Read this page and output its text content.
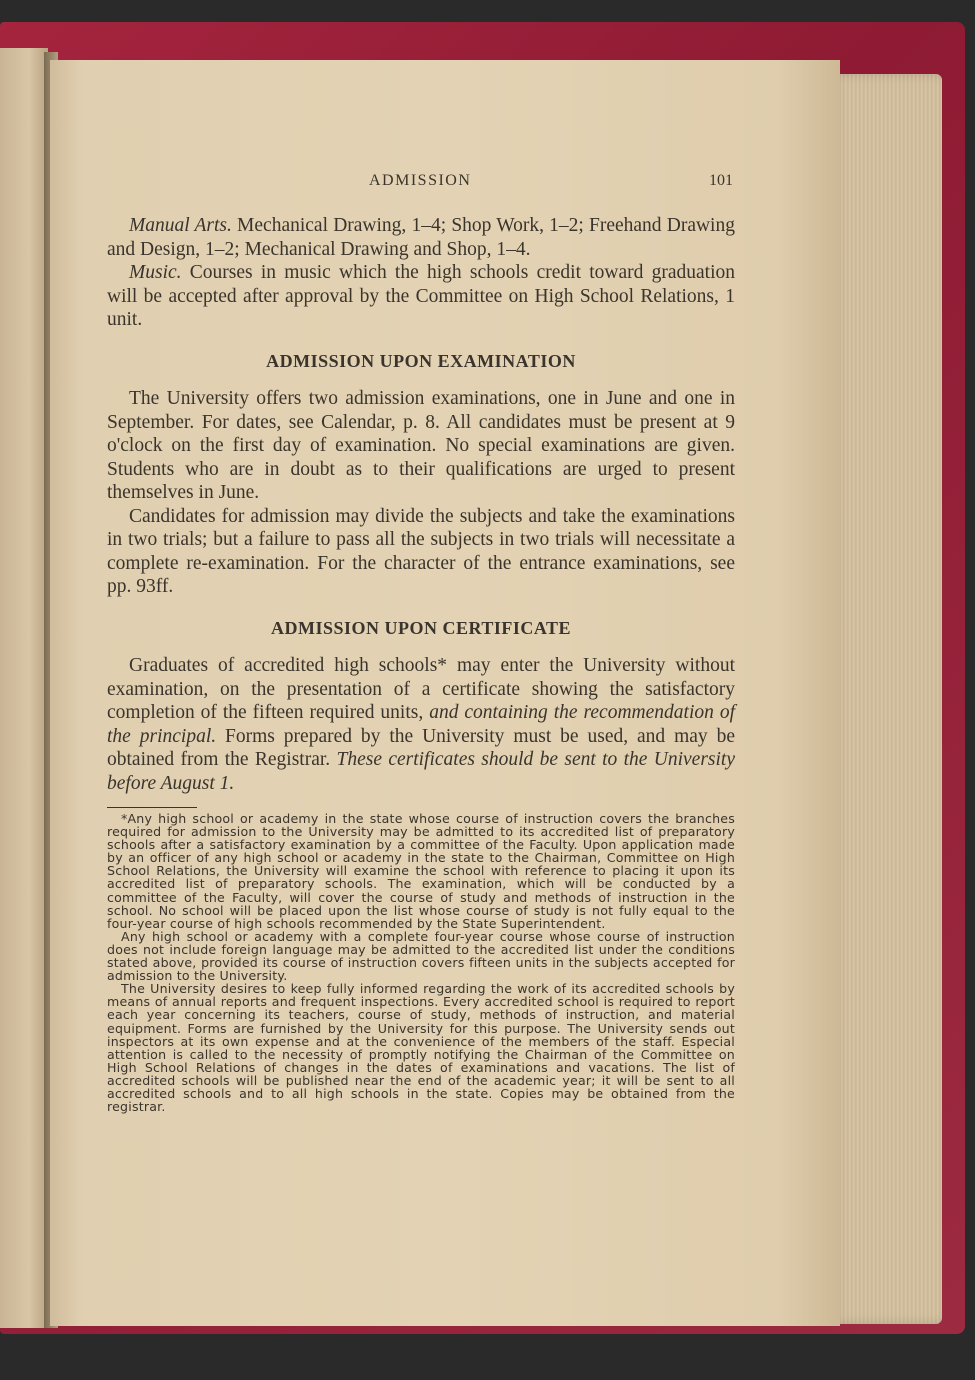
ADMISSION	101

Manual Arts. Mechanical Drawing, 1–4; Shop Work, 1–2; Freehand Drawing and Design, 1–2; Mechanical Drawing and Shop, 1–4.

Music. Courses in music which the high schools credit toward graduation will be accepted after approval by the Committee on High School Relations, 1 unit.

ADMISSION UPON EXAMINATION

The University offers two admission examinations, one in June and one in September. For dates, see Calendar, p. 8. All candidates must be present at 9 o'clock on the first day of examination. No special examinations are given. Students who are in doubt as to their qualifications are urged to present themselves in June.

Candidates for admission may divide the subjects and take the examinations in two trials; but a failure to pass all the subjects in two trials will necessitate a complete re-examination. For the character of the entrance examinations, see pp. 93ff.

ADMISSION UPON CERTIFICATE

Graduates of accredited high schools* may enter the University without examination, on the presentation of a certificate showing the satisfactory completion of the fifteen required units, and containing the recommendation of the principal. Forms prepared by the University must be used, and may be obtained from the Registrar. These certificates should be sent to the University before August 1.

*Any high school or academy in the state whose course of instruction covers the branches required for admission to the University may be admitted to its accredited list of preparatory schools after a satisfactory examination by a committee of the Faculty. Upon application made by an officer of any high school or academy in the state to the Chairman, Committee on High School Relations, the University will examine the school with reference to placing it upon its accredited list of preparatory schools. The examination, which will be conducted by a committee of the Faculty, will cover the course of study and methods of instruction in the school. No school will be placed upon the list whose course of study is not fully equal to the four-year course of high schools recommended by the State Superintendent.

Any high school or academy with a complete four-year course whose course of instruction does not include foreign language may be admitted to the accredited list under the conditions stated above, provided its course of instruction covers fifteen units in the subjects accepted for admission to the University.

The University desires to keep fully informed regarding the work of its accredited schools by means of annual reports and frequent inspections. Every accredited school is required to report each year concerning its teachers, course of study, methods of instruction, and material equipment. Forms are furnished by the University for this purpose. The University sends out inspectors at its own expense and at the convenience of the members of the staff. Especial attention is called to the necessity of promptly notifying the Chairman of the Committee on High School Relations of changes in the dates of examinations and vacations. The list of accredited schools will be published near the end of the academic year; it will be sent to all accredited schools and to all high schools in the state. Copies may be obtained from the registrar.
